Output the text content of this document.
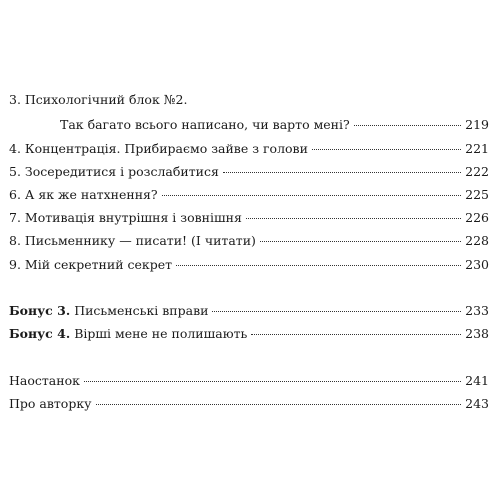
3. Психологічний блок №2.
Так багато всього написано, чи варто мені?	219
4. Концентрація. Прибираємо зайве з голови	221
5. Зосередитися і розслабитися	222
6. А як же натхнення?	225
7. Мотивація внутрішня і зовнішня	226
8. Письменнику — писати! (І читати)	228
9. Мій секретний секрет	230
Бонус 3. Письменські вправи	233
Бонус 4. Вірші мене не полишають	238
Наостанок	241
Про авторку	243
